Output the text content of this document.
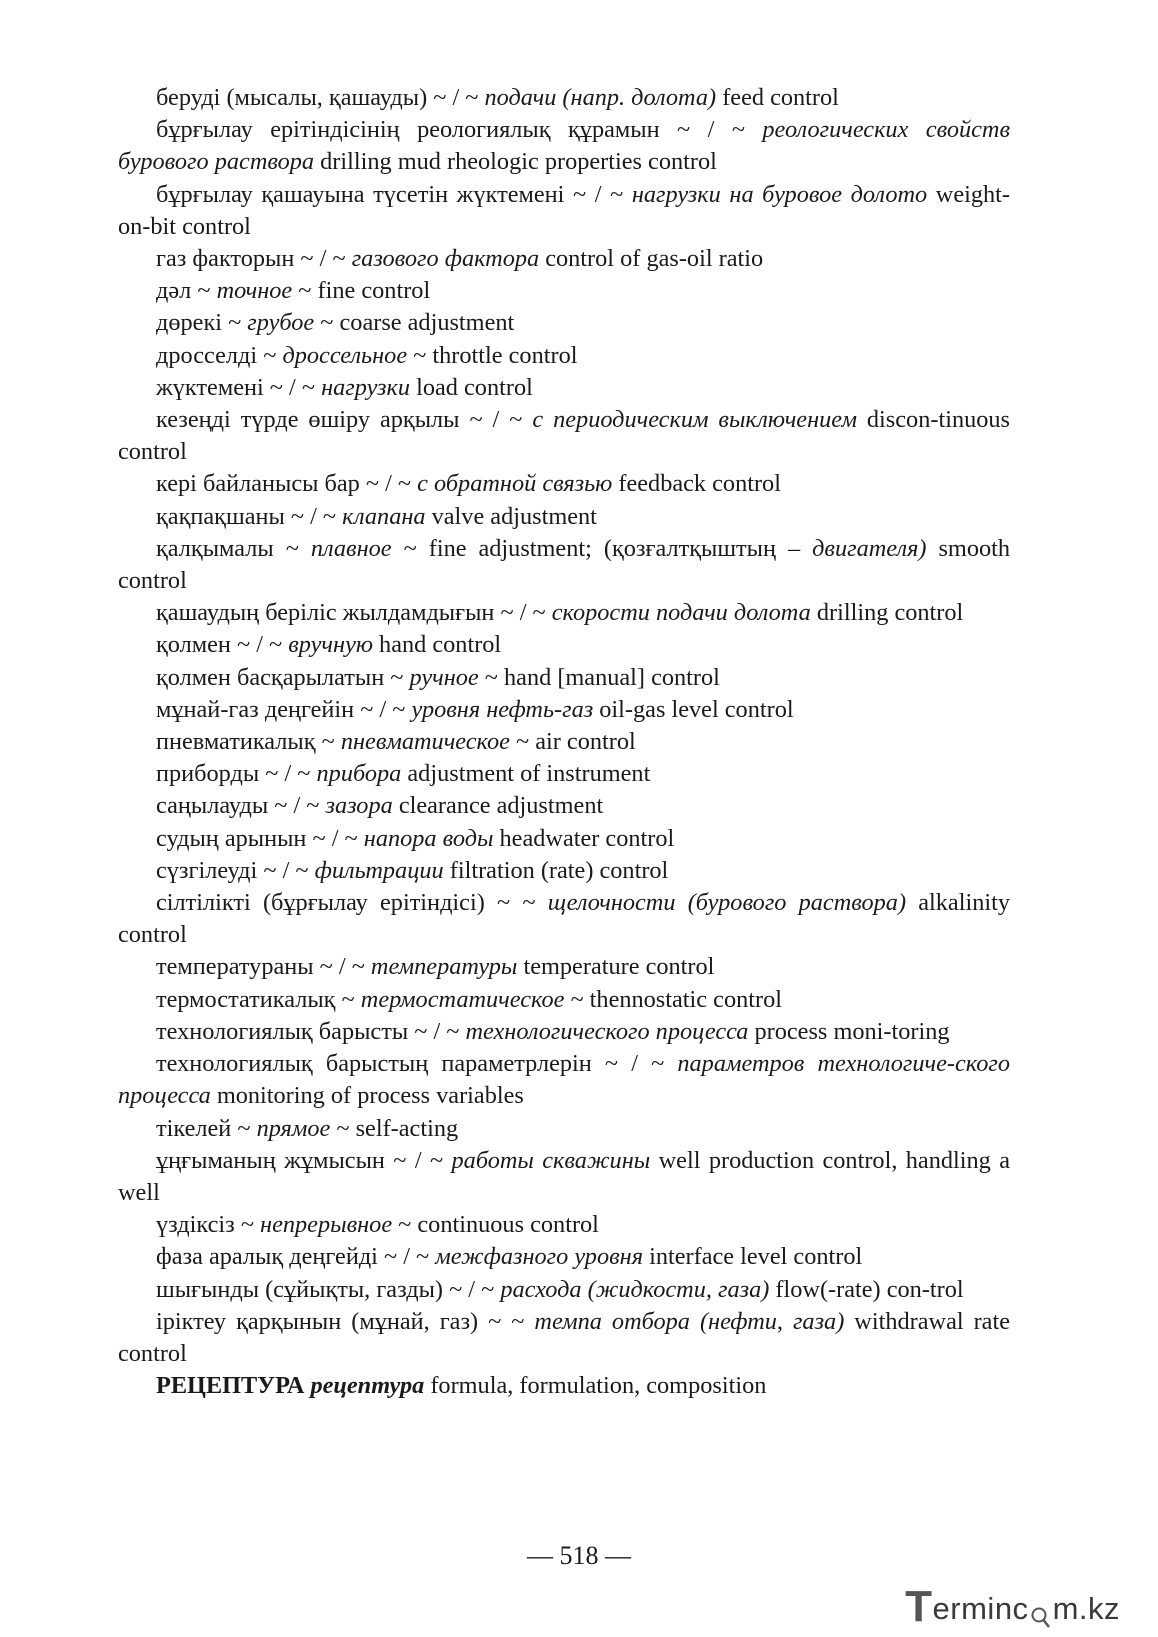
беруді (мысалы, қашауды) ~ / ~ подачи (напр. долота) feed control

бұрғылау ерітіндісінің реологиялық құрамын ~ / ~ реологических свойств бурового раствора drilling mud rheologic properties control

бұрғылау қашауына түсетін жүктемені ~ / ~ нагрузки на буровое долото weight-on-bit control

газ факторын ~ / ~ газового фактора control of gas-oil ratio

дәл ~ точное ~ fine control

дөрекі ~ грубое ~ coarse adjustment

дросселді ~ дроссельное ~ throttle control

жүктемені ~ / ~ нагрузки load control

кезеңді түрде өшіру арқылы ~ / ~ с периодическим выключением discon-tinuous control

кері байланысы бар ~ / ~ с обратной связью feedback control

қақпақшаны ~ / ~ клапана valve adjustment

қалқымалы ~ плавное ~ fine adjustment; (қозғалтқыштың – двигателя) smooth control

қашаудың беріліс жылдамдығын ~ / ~ скорости подачи долота drilling control

қолмен ~ / ~ вручную hand control

қолмен басқарылатын ~ ручное ~ hand [manual] control

мұнай-газ деңгейін ~ / ~ уровня нефть-газ oil-gas level control

пневматикалық ~ пневматическое ~ air control

приборды ~ / ~ прибора adjustment of instrument

саңылауды ~ / ~ зазора clearance adjustment

судың арынын ~ / ~ напора воды headwater control

сүзгілеуді ~ / ~ фильтрации filtration (rate) control

сілтілікті (бұрғылау ерітіндісі) ~ ~ щелочности (бурового раствора) alkalinity control

температураны ~ / ~ температуры temperature control

термостатикалық ~ термостатическое ~ thennostatic control

технологиялық барысты ~ / ~ технологического процесса process moni-toring

технологиялық барыстың параметрлерін ~ / ~ параметров технологиче-ского процесса monitoring of process variables

тікелей ~ прямое ~ self-acting

ұңғыманың жұмысын ~ / ~ работы скважины well production control, handling a well

үздіксіз ~ непрерывное ~ continuous control

фаза аралық деңгейді ~ / ~ межфазного уровня interface level control

шығынды (сұйықты, газды) ~ / ~ расхода (жидкости, газа) flow(-rate) con-trol

іріктеу қарқынын (мұнай, газ) ~ ~ темпа отбора (нефти, газа) withdrawal rate control

РЕЦЕПТУРА рецептура formula, formulation, composition

— 518 —
T erminc m.kz
